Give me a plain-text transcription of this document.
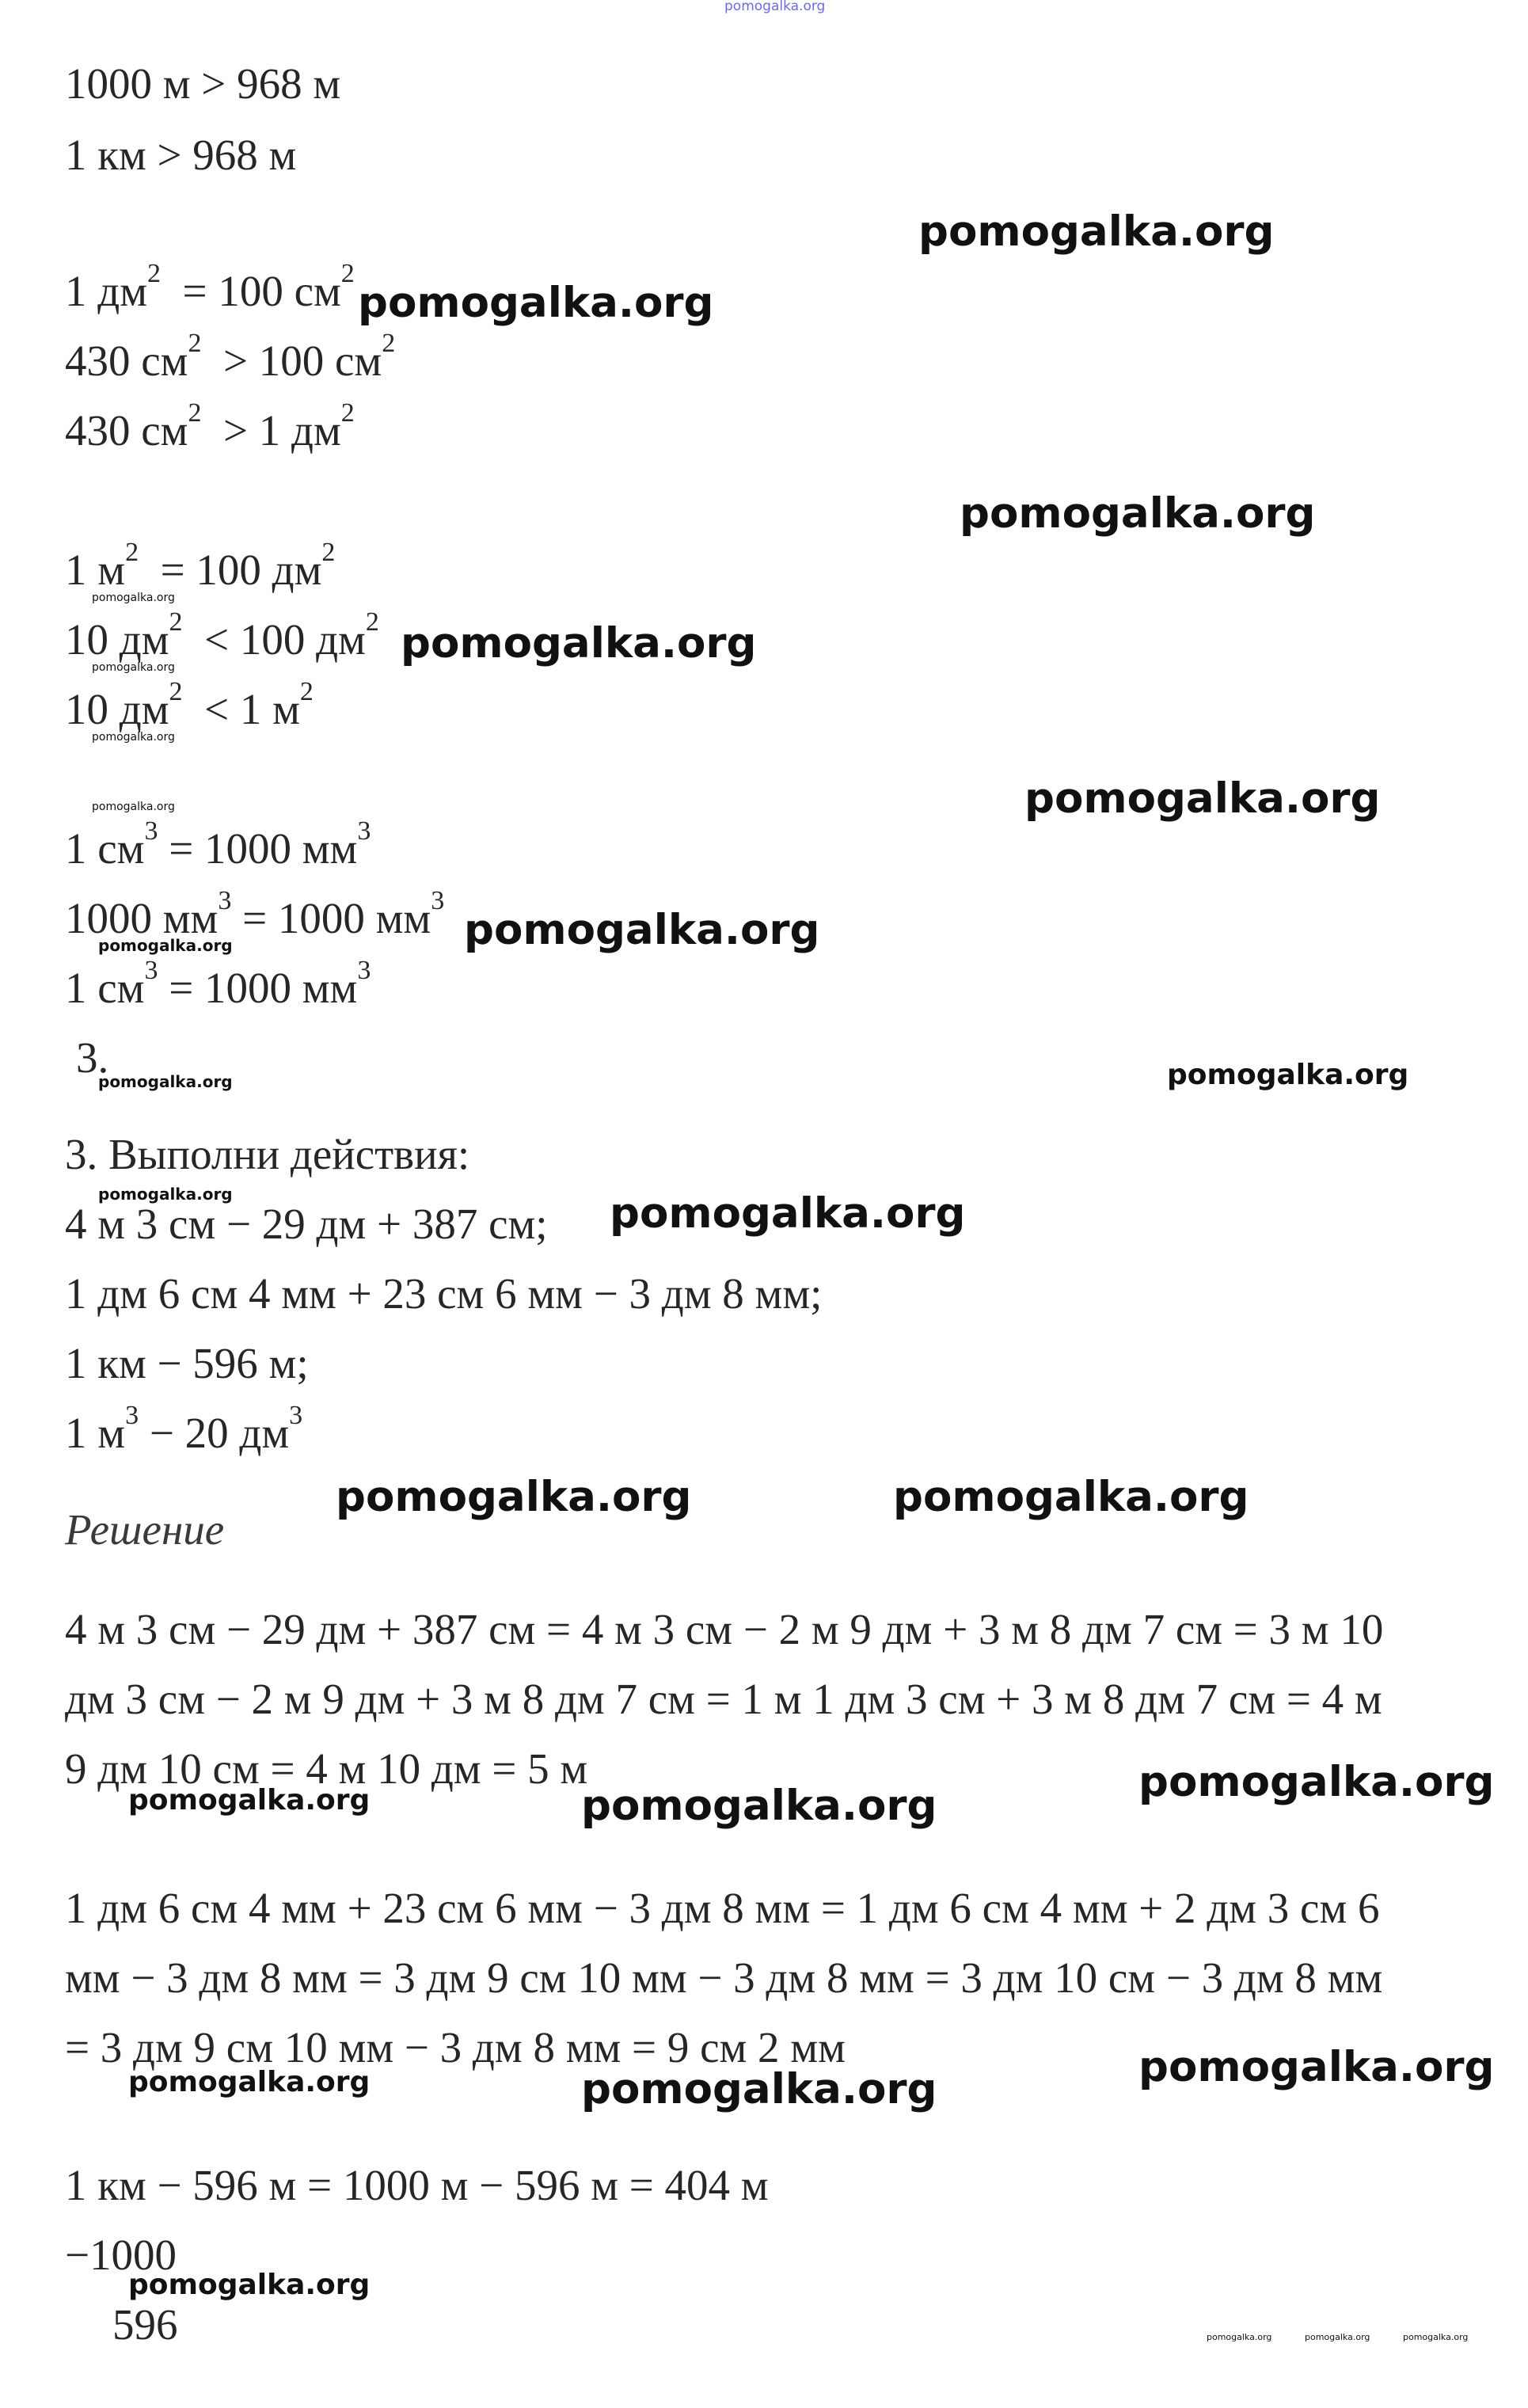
pomogalka.org
1000 м > 968 м
1 км > 968 м
1 $дм^2 = 100$ $см^2$
430 $см^2 > 100$ $см^2$
430 $см^2 > 1$ $дм^2$
1 $м^2 = 100$ $дм^2$
10 $дм^2 < 100$ $дм^2$
10 $дм^2 < 1$ $м^2$
1 $см^3 = 1000$ $мм^3$
1000 $мм^3 = 1000$ $мм^3$
1 $см^3 = 1000$ $мм^3$
3.
3. Выполни действия:
4 м 3 см − 29 дм + 387 см;
1 дм 6 см 4 мм + 23 см 6 мм − 3 дм 8 мм;
1 км − 596 м;
1 $м^3 - 20$ $дм^3$
Решение
4 м 3 см − 29 дм + 387 см = 4 м 3 см − 2 м 9 дм + 3 м 8 дм 7 см = 3 м 10
дм 3 см − 2 м 9 дм + 3 м 8 дм 7 см = 1 м 1 дм 3 см + 3 м 8 дм 7 см = 4 м
9 дм 10 см = 4 м 10 дм = 5 м
1 дм 6 см 4 мм + 23 см 6 мм − 3 дм 8 мм = 1 дм 6 см 4 мм + 2 дм 3 см 6
мм − 3 дм 8 мм = 3 дм 9 см 10 мм − 3 дм 8 мм = 3 дм 10 см − 3 дм 8 мм
= 3 дм 9 см 10 мм − 3 дм 8 мм = 9 см 2 мм
1 км − 596 м = 1000 м − 596 м = 404 м
−1000
596
pomogalka.org
pomogalka.org
pomogalka.org
pomogalka.org
pomogalka.org
pomogalka.org
pomogalka.org
pomogalka.org	pomogalka.org
pomogalka.org
pomogalka.org
pomogalka.org
pomogalka.org
pomogalka.org
pomogalka.org
pomogalka.org
pomogalka.org
pomogalka.org
pomogalka.org
pomogalka.org
pomogalka.org
pomogalka.org
pomogalka.org
pomogalka.org
pomogalka.org	pomogalka.org	pomogalka.org
